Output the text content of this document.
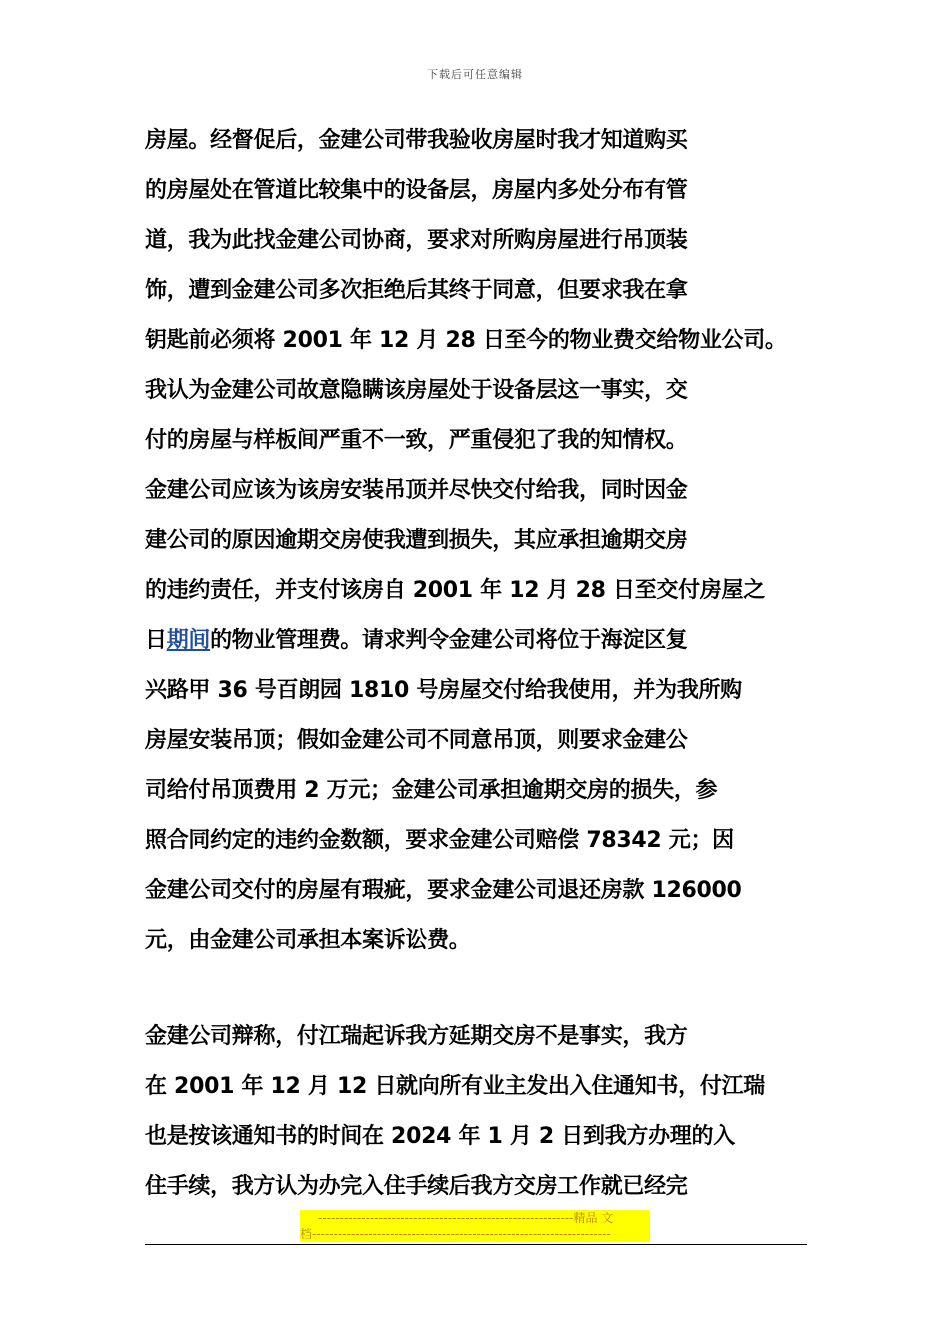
下载后可任意编辑
房屋。经督促后，金建公司带我验收房屋时我才知道购买
的房屋处在管道比较集中的设备层，房屋内多处分布有管
道，我为此找金建公司协商，要求对所购房屋进行吊顶装
饰，遭到金建公司多次拒绝后其终于同意，但要求我在拿
钥匙前必须将 2001 年 12 月 28 日至今的物业费交给物业公司。
我认为金建公司故意隐瞒该房屋处于设备层这一事实，交
付的房屋与样板间严重不一致，严重侵犯了我的知情权。
金建公司应该为该房安装吊顶并尽快交付给我，同时因金
建公司的原因逾期交房使我遭到损失，其应承担逾期交房
的违约责任，并支付该房自 2001 年 12 月 28 日至交付房屋之
日期间的物业管理费。请求判令金建公司将位于海淀区复
兴路甲 36 号百朗园 1810 号房屋交付给我使用，并为我所购
房屋安装吊顶；假如金建公司不同意吊顶，则要求金建公
司给付吊顶费用 2 万元；金建公司承担逾期交房的损失，参
照合同约定的违约金数额，要求金建公司赔偿 78342 元；因
金建公司交付的房屋有瑕疵，要求金建公司退还房款 126000
元，由金建公司承担本案诉讼费。
金建公司辩称，付江瑞起诉我方延期交房不是事实，我方
在 2001 年 12 月 12 日就向所有业主发出入住通知书，付江瑞
也是按该通知书的时间在 2024 年 1 月 2 日到我方办理的入
住手续，我方认为办完入住手续后我方交房工作就已经完
-----------------------------------------------------------精品 文
档---------------------------------------------------------------------
